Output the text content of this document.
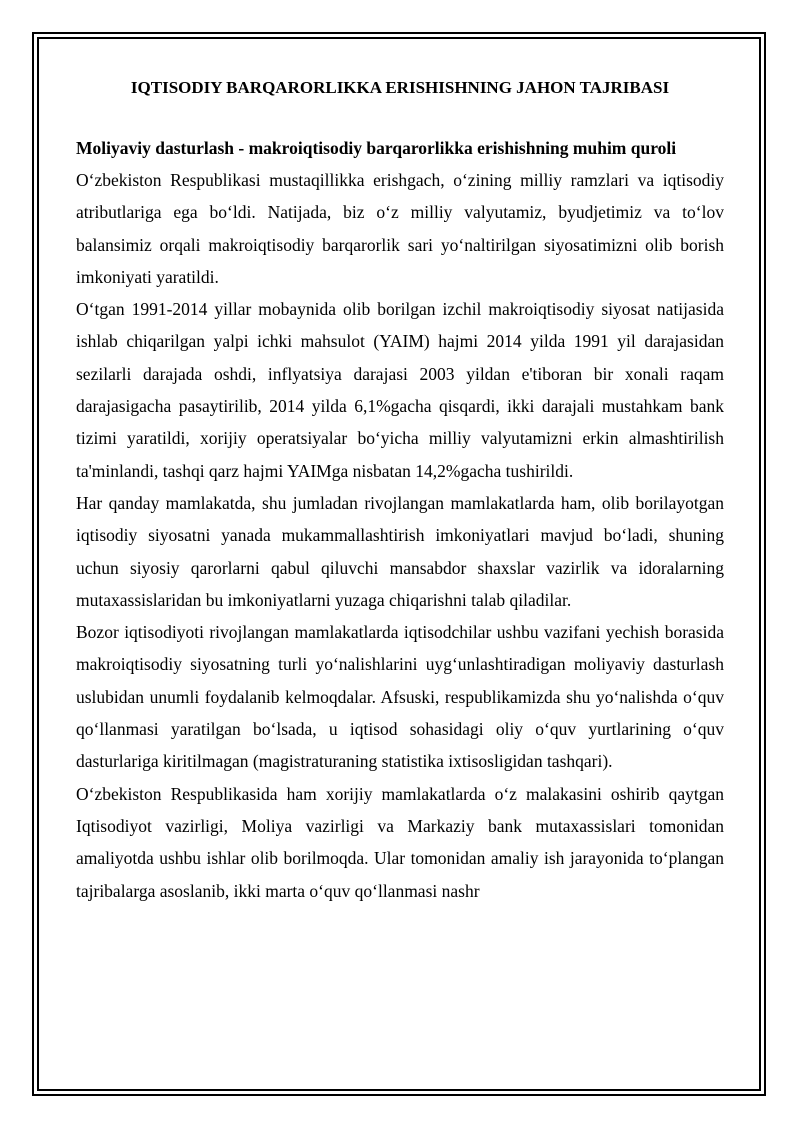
IQTISODIY BARQARORLIKKA ERISHISHNING JAHON TAJRIBASI
Moliyaviy dasturlash - makroiqtisodiy barqarorlikka erishishning muhim quroli

O‘zbekiston Respublikasi mustaqillikka erishgach, o‘zining milliy ramzlari va iqtisodiy atributlariga ega bo‘ldi. Natijada, biz o‘z milliy valyutamiz, byudjetimiz va to‘lov balansimiz orqali makroiqtisodiy barqarorlik sari yo‘naltirilgan siyosatimizni olib borish imkoniyati yaratildi.

O‘tgan 1991-2014 yillar mobaynida olib borilgan izchil makroiqtisodiy siyosat natijasida ishlab chiqarilgan yalpi ichki mahsulot (YAIM) hajmi 2014 yilda 1991 yil darajasidan sezilarli darajada oshdi, inflyatsiya darajasi 2003 yildan e'tiboran bir xonali raqam darajasigacha pasaytirilib, 2014 yilda 6,1%gacha qisqardi, ikki darajali mustahkam bank tizimi yaratildi, xorijiy operatsiyalar bo‘yicha milliy valyutamizni erkin almashtirilish ta'minlandi, tashqi qarz hajmi YAIMga nisbatan 14,2%gacha tushirildi.

Har qanday mamlakatda, shu jumladan rivojlangan mamlakatlarda ham, olib borilayotgan iqtisodiy siyosatni yanada mukammallashtirish imkoniyatlari mavjud bo‘ladi, shuning uchun siyosiy qarorlarni qabul qiluvchi mansabdor shaxslar vazirlik va idoralarning mutaxassislaridan bu imkoniyatlarni yuzaga chiqarishni talab qiladilar.

Bozor iqtisodiyoti rivojlangan mamlakatlarda iqtisodchilar ushbu vazifani yechish borasida makroiqtisodiy siyosatning turli yo‘nalishlarini uyg‘unlashtiradigan moliyaviy dasturlash uslubidan unumli foydalanib kelmoqdalar. Afsuski, respublikamizda shu yo‘nalishda o‘quv qo‘llanmasi yaratilgan bo‘lsada, u iqtisod sohasidagi oliy o‘quv yurtlarining o‘quv dasturlariga kiritilmagan (magistraturaning statistika ixtisosligidan tashqari).

O‘zbekiston Respublikasida ham xorijiy mamlakatlarda o‘z malakasini oshirib qaytgan Iqtisodiyot vazirligi, Moliya vazirligi va Markaziy bank mutaxassislari tomonidan amaliyotda ushbu ishlar olib borilmoqda. Ular tomonidan amaliy ish jarayonida to‘plangan tajribalarga asoslanib, ikki marta o‘quv qo‘llanmasi nashr
